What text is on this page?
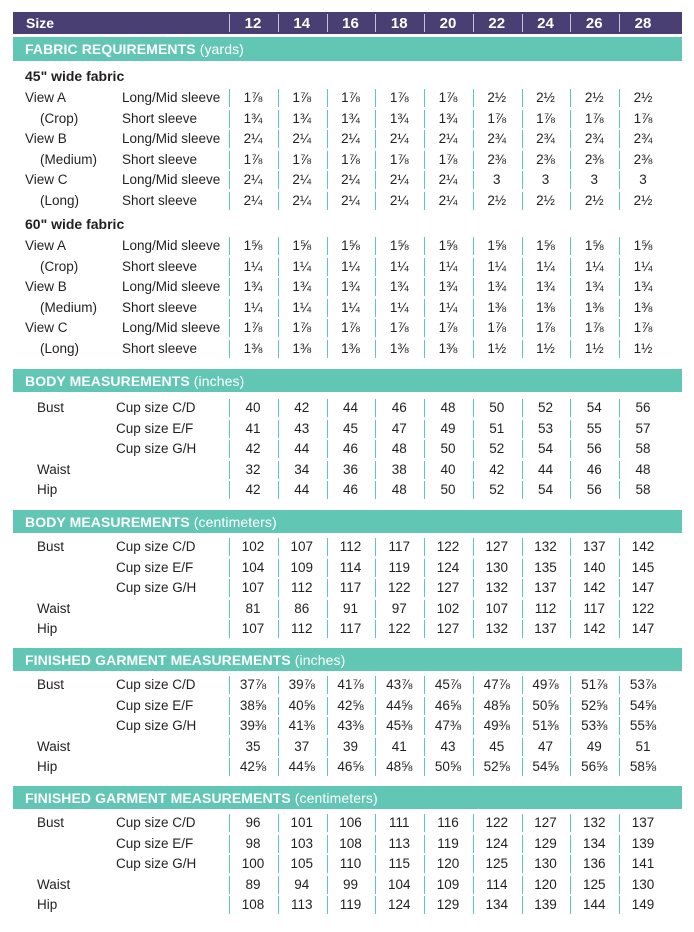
Size	12	14	16	18	20	22	24	26	28
FABRIC REQUIREMENTS (yards)
45" wide fabric
View A	Long/Mid sleeve	1⅞	1⅞	1⅞	1⅞	1⅞	2½	2½	2½	2½
(Crop)	Short sleeve	1¾	1¾	1¾	1¾	1¾	1⅞	1⅞	1⅞	1⅞
View B	Long/Mid sleeve	2¼	2¼	2¼	2¼	2¼	2¾	2¾	2¾	2¾
(Medium) Short sleeve	1⅞	1⅞	1⅞	1⅞	1⅞	2⅜	2⅜	2⅜	2⅜
View C	Long/Mid sleeve	2¼	2¼	2¼	2¼	2¼	3	3	3	3
(Long)	Short sleeve	2¼	2¼	2¼	2¼	2¼	2½	2½	2½	2½
60" wide fabric
View A	Long/Mid sleeve	1⅝	1⅝	1⅝	1⅝	1⅝	1⅝	1⅝	1⅝	1⅝
(Crop)	Short sleeve	1¼	1¼	1¼	1¼	1¼	1¼	1¼	1¼	1¼
View B	Long/Mid sleeve	1¾	1¾	1¾	1¾	1¾	1¾	1¾	1¾	1¾
(Medium) Short sleeve	1¼	1¼	1¼	1¼	1¼	1⅜	1⅜	1⅜	1⅜
View C	Long/Mid sleeve	1⅞	1⅞	1⅞	1⅞	1⅞	1⅞	1⅞	1⅞	1⅞
(Long)	Short sleeve	1⅜	1⅜	1⅜	1⅜	1⅜	1½	1½	1½	1½
BODY MEASUREMENTS (inches)
Bust	Cup size C/D	40	42	44	46	48	50	52	54	56
Cup size E/F	41	43	45	47	49	51	53	55	57
Cup size G/H	42	44	46	48	50	52	54	56	58
Waist	32	34	36	38	40	42	44	46	48
Hip	42	44	46	48	50	52	54	56	58
BODY MEASUREMENTS (centimeters)
Bust	Cup size C/D	102	107	112	117	122	127	132	137	142
Cup size E/F	104	109	114	119	124	130	135	140	145
Cup size G/H	107	112	117	122	127	132	137	142	147
Waist	81	86	91	97	102	107	112	117	122
Hip	107	112	117	122	127	132	137	142	147
FINISHED GARMENT MEASUREMENTS (inches)
Bust	Cup size C/D	37⅞	39⅞	41⅞	43⅞	45⅞	47⅞	49⅞	51⅞	53⅞
Cup size E/F	38⅝	40⅝	42⅝	44⅝	46⅝	48⅝	50⅝	52⅝	54⅝
Cup size G/H	39⅜	41⅜	43⅜	45⅜	47⅜	49⅜	51⅜	53⅜	55⅜
Waist	35	37	39	41	43	45	47	49	51
Hip	42⅝	44⅝	46⅝	48⅝	50⅝	52⅝	54⅝	56⅝	58⅝
FINISHED GARMENT MEASUREMENTS (centimeters)
Bust	Cup size C/D	96	101	106	111	116	122	127	132	137
Cup size E/F	98	103	108	113	119	124	129	134	139
Cup size G/H	100	105	110	115	120	125	130	136	141
Waist	89	94	99	104	109	114	120	125	130
Hip	108	113	119	124	129	134	139	144	149
